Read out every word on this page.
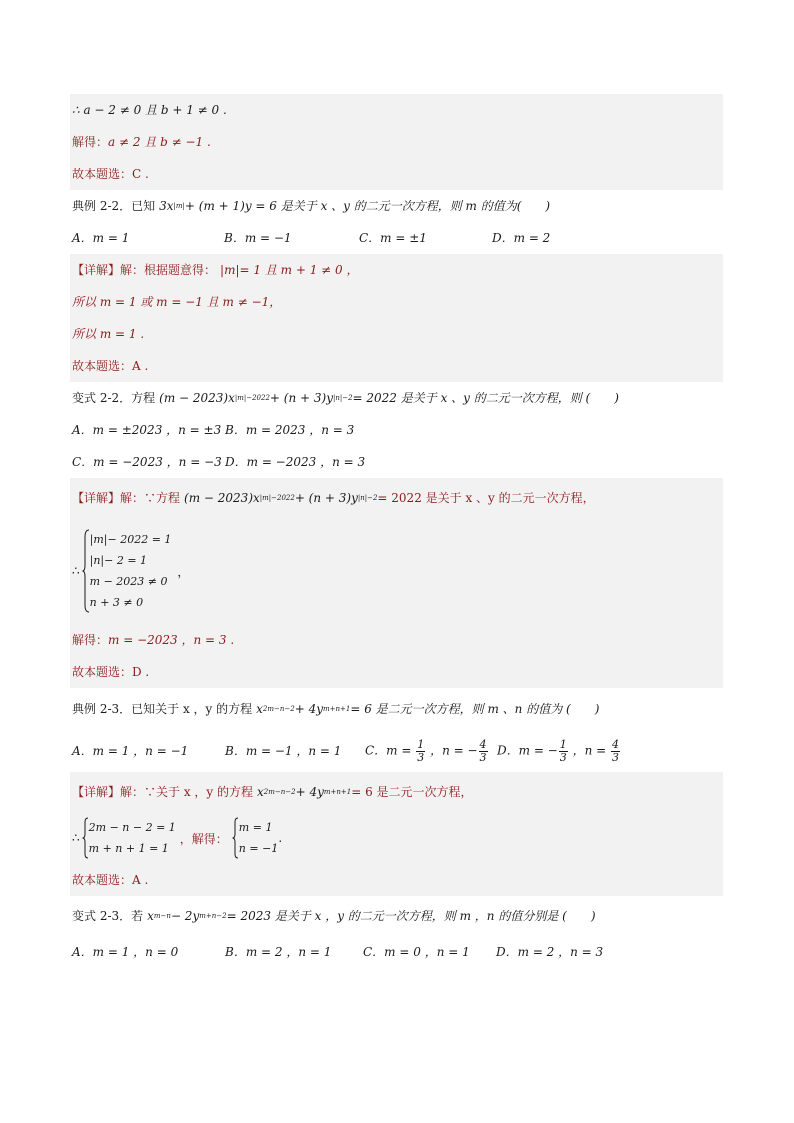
∴ a − 2 ≠ 0 且 b + 1 ≠ 0 .
解得： a ≠ 2 且 b ≠ −1 .
故本题选：C .
典例 2-2．已知 3x |m| + (m + 1)y = 6 是关于 x 、y 的二元一次方程，则 m 的值为(　　)
A．m = 1	B．m = −1	C．m = ±1	D．m = 2
【详解】 解：根据题意得： |m|= 1 且 m + 1 ≠ 0 ，
所以 m = 1 或 m = −1 且 m ≠ −1，
所以 m = 1 .
故本题选：A .
变式 2-2．方程 (m − 2023)x |m|−2022 + (n + 3)y |n|−2 = 2022 是关于 x 、y 的二元一次方程，则 (　　)
A．m = ±2023 ，n = ±3 B．m = 2023 ，n = 3
C．m = −2023 ，n = −3 D．m = −2023 ，n = 3
【详解】 解：∵方程 (m − 2023)x |m|−2022 + (n + 3)y |n|−2 = 2022 是关于 x 、y 的二元一次方程，
∴
|m|− 2022 = 1
|n|− 2 = 1
m − 2023 ≠ 0
n + 3 ≠ 0
，
解得： m = −2023 ，n = 3 .
故本题选：D .
典例 2-3．已知关于 x ，y 的方程 x 2m−n−2 + 4y m+n+1 = 6 是二元一次方程，则 m 、n 的值为 (　　)
A．m = 1 ，n = −1	B．m = −1 ，n = 1	C．$m = \frac{1}{3}$ ，n = − $\frac{4}{3}$ D．m = − $\frac{1}{3}$ ，$n = \frac{4}{3}$
【详解】 解：∵关于 x ，y 的方程 x 2m−n−2 + 4y m+n+1 = 6 是二元一次方程，
∴
2m − n − 2 = 1
m + n + 1 = 1
，解得：
m = 1
n = −1
.
故本题选：A .
变式 2-3．若 x m−n − 2y m+n−2 = 2023 是关于 x ，y 的二元一次方程，则 m ，n 的值分别是 (　　)
A．m = 1 ，n = 0	B．m = 2 ，n = 1	C．m = 0 ，n = 1	D．m = 2 ，n = 3
